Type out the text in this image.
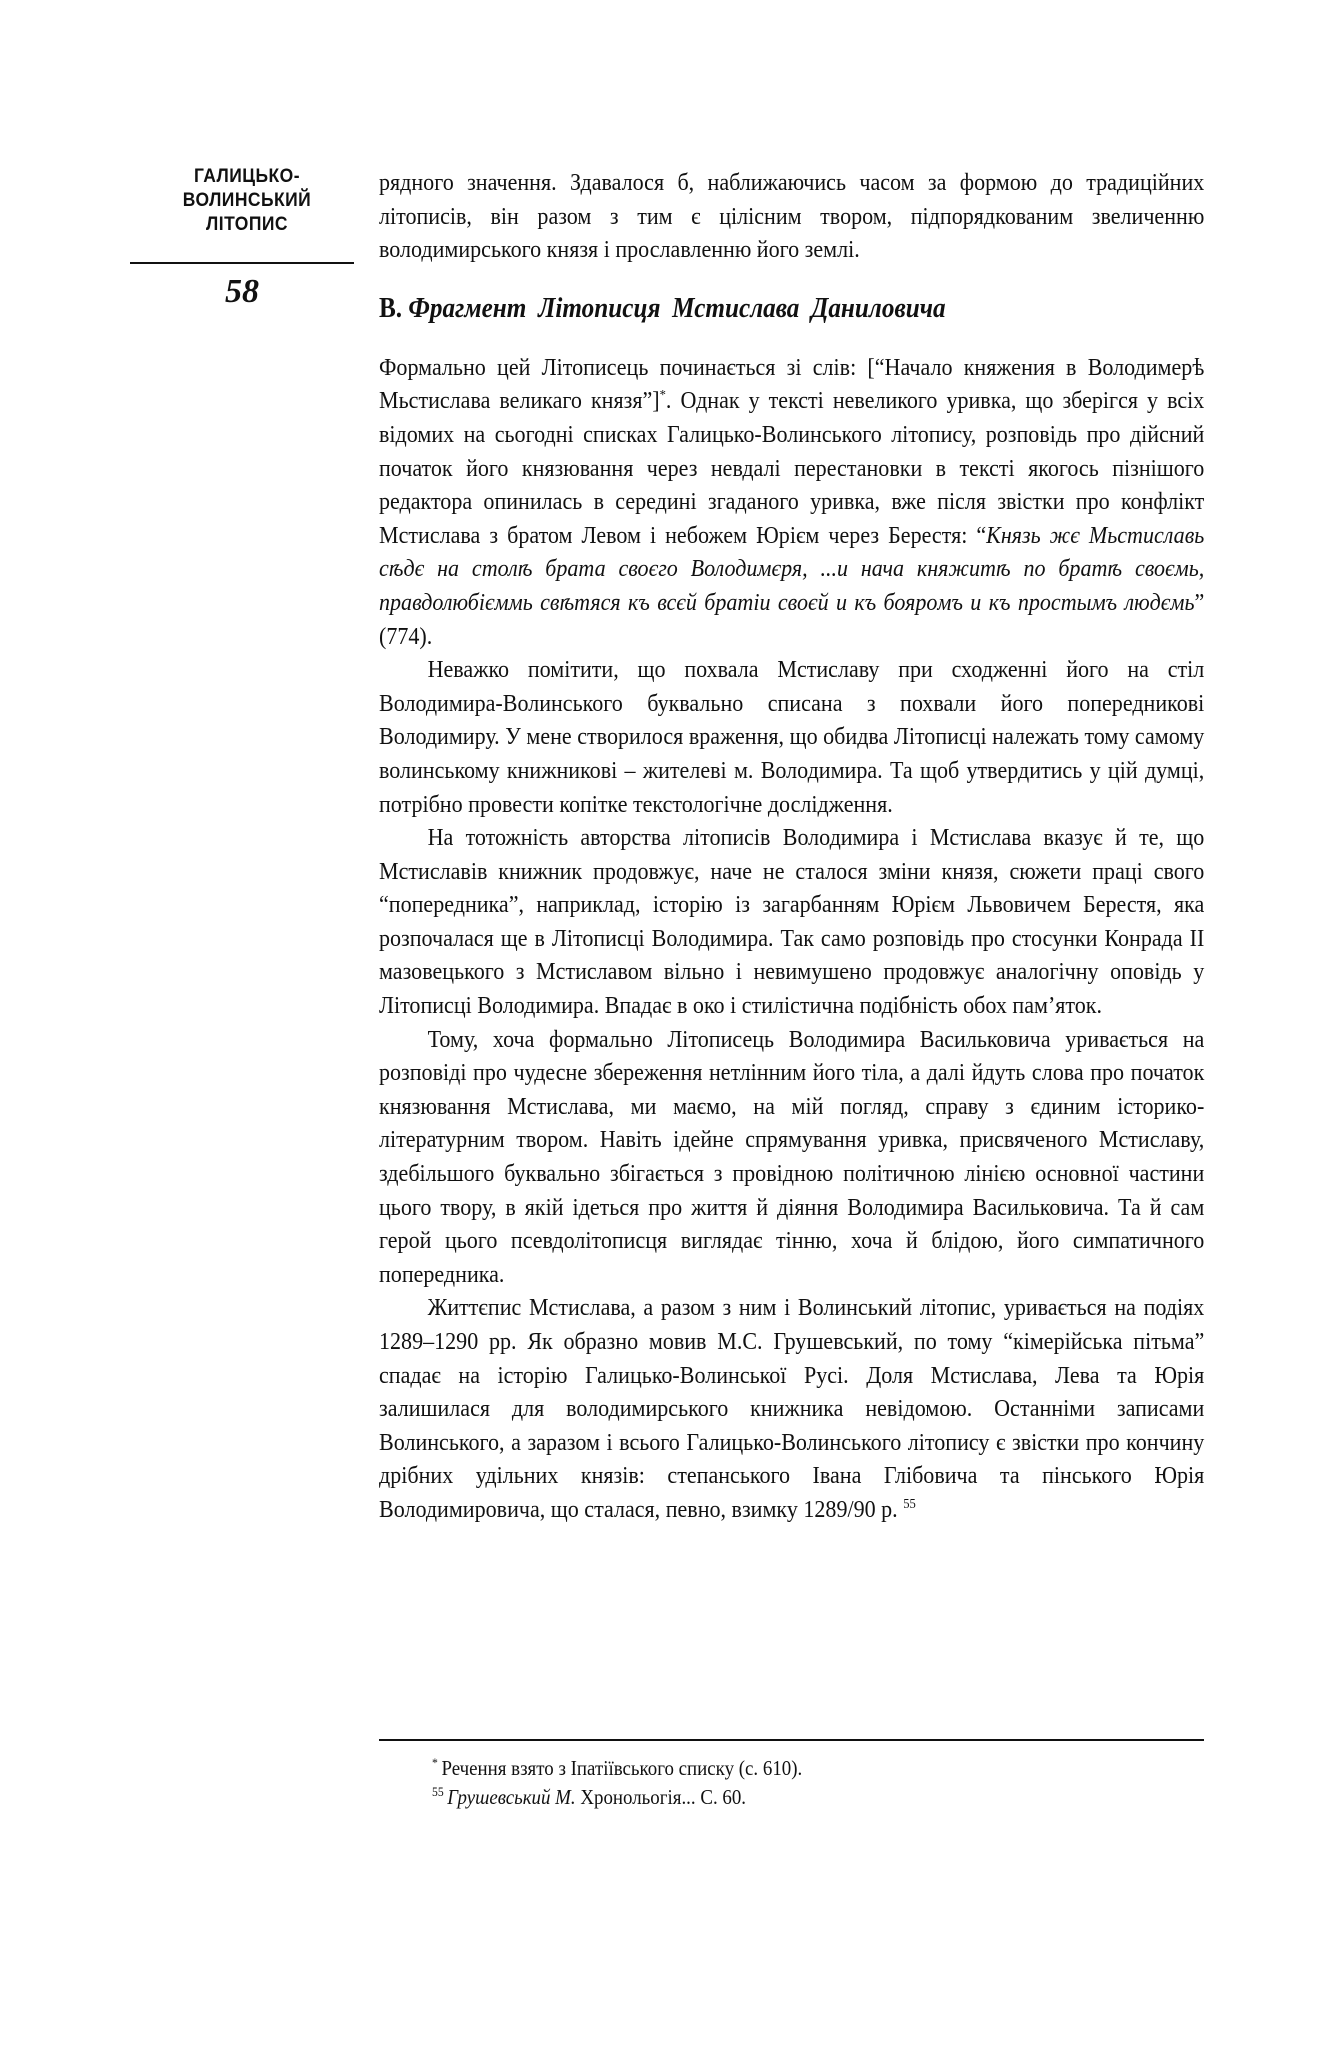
ГАЛИЦЬКО-
ВОЛИНСЬКИЙ
ЛІТОПИС
58

рядного значення. Здавалося б, наближаючись часом за формою до традиційних літописів, він разом з тим є цілісним твором, підпорядкованим звеличенню володимирського князя і прославленню його землі.

В. Фрагмент Літописця Мстислава Даниловича

Формально цей Літописець починається зі слів: [“Начало княжения в Володимерѣ Мьстислава великаго князя”]*. Однак у тексті невеликого уривка, що зберігся у всіх відомих на сьогодні списках Галицько-Волинського літопису, розповідь про дійсний початок його князювання через невдалі перестановки в тексті якогось пізнішого редактора опинилась в середині згаданого уривка, вже після звістки про конфлікт Мстислава з братом Левом і небожем Юрієм через Берестя: “Князь жє Мьстиславь сѣдє на столѣ брата своєго Володимєря, ...и нача княжитѣ по братѣ своємь, правдолюбієммь свѣтяся къ всєй братiи своєй и къ боярoмъ и къ простымъ людємь” (774).

Неважко помітити, що похвала Мстиславу при сходженні його на стіл Володимира-Волинського буквально списана з похвали його попередникові Володимиру. У мене створилося враження, що обидва Літописці належать тому самому волинському книжникові – жителеві м. Володимира. Та щоб утвердитись у цій думці, потрібно провести копітке текстологічне дослідження.

На тотожність авторства літописів Володимира і Мстислава вказує й те, що Мстиславів книжник продовжує, наче не сталося зміни князя, сюжети праці свого “попередника”, наприклад, історію із загарбанням Юрієм Львовичем Берестя, яка розпочалася ще в Літописці Володимира. Так само розповідь про стосунки Конрада II мазовецького з Мстиславом вільно і невимушено продовжує аналогічну оповідь у Літописці Володимира. Впадає в око і стилістична подібність обох пам’яток.

Тому, хоча формально Літописець Володимира Васильковича уривається на розповіді про чудесне збереження нетлінним його тіла, а далі йдуть слова про початок князювання Мстислава, ми маємо, на мій погляд, справу з єдиним історико-літературним твором. Навіть ідейне спрямування уривка, присвяченого Мстиславу, здебільшого буквально збігається з провідною політичною лінією основної частини цього твору, в якій ідеться про життя й діяння Володимира Васильковича. Та й сам герой цього псевдолітописця виглядає тінню, хоча й блідою, його симпатичного попередника.

Життєпис Мстислава, а разом з ним і Волинський літопис, уривається на подіях 1289–1290 рр. Як образно мовив М.С. Грушевський, по тому “кімерійська пітьма” спадає на історію Галицько-Волинської Русі. Доля Мстислава, Лева та Юрія залишилася для володимирського книжника невідомою. Останніми записами Волинського, а заразом і всього Галицько-Волинського літопису є звістки про кончину дрібних удільних князів: степанського Івана Глібовича та пінського Юрія Володимировича, що сталася, певно, взимку 1289/90 р. $^{55}$

* Речення взято з Іпатіївського списку (с. 610).
$^{55}$ Грушевський М. Хронольогія... С. 60.
